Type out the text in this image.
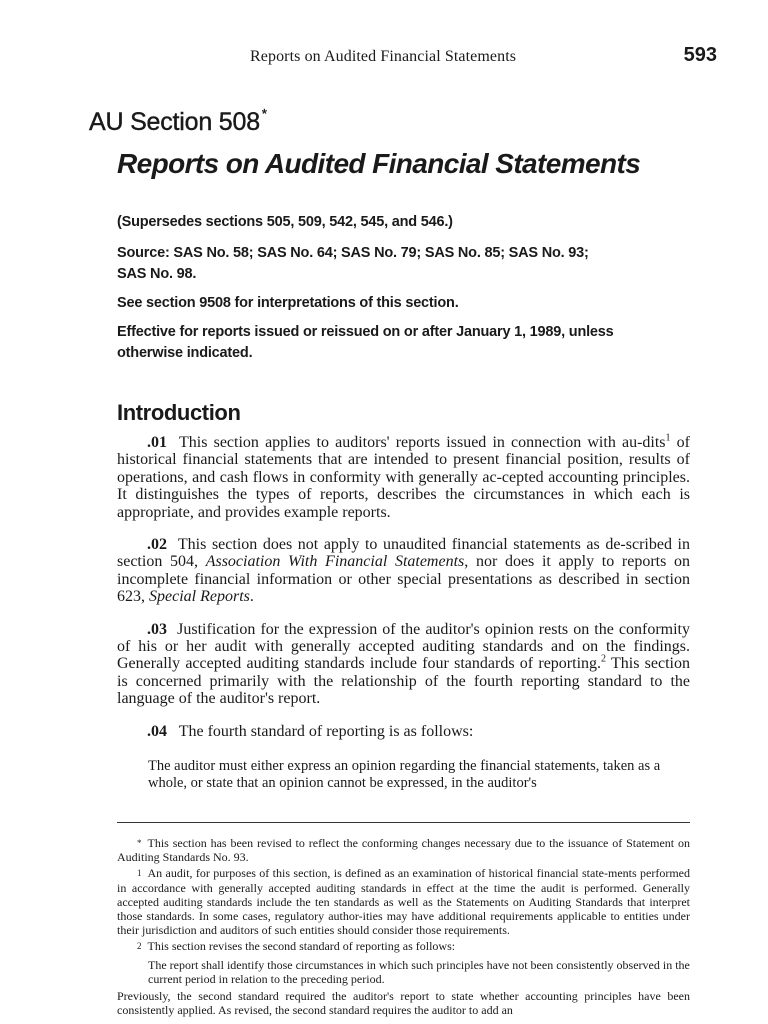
Reports on Audited Financial Statements	593
AU Section 508 *
Reports on Audited Financial Statements

(Supersedes sections 505, 509, 542, 545, and 546.)

Source: SAS No. 58; SAS No. 64; SAS No. 79; SAS No. 85; SAS No. 93;

SAS No. 98.

See section 9508 for interpretations of this section.

Effective for reports issued or reissued on or after January 1, 1989, unless

otherwise indicated.

Introduction

.01 This section applies to auditors' reports issued in connection with au-dits$^1$ of historical financial statements that are intended to present financial position, results of operations, and cash flows in conformity with generally ac-cepted accounting principles. It distinguishes the types of reports, describes the circumstances in which each is appropriate, and provides example reports.

.02 This section does not apply to unaudited financial statements as de-scribed in section 504, Association With Financial Statements, nor does it apply to reports on incomplete financial information or other special presentations as described in section 623, Special Reports.

.03 Justification for the expression of the auditor's opinion rests on the conformity of his or her audit with generally accepted auditing standards and on the findings. Generally accepted auditing standards include four standards of reporting.$^2$ This section is concerned primarily with the relationship of the fourth reporting standard to the language of the auditor's report.

.04 The fourth standard of reporting is as follows:

The auditor must either express an opinion regarding the financial statements, taken as a whole, or state that an opinion cannot be expressed, in the auditor's

* This section has been revised to reflect the conforming changes necessary due to the issuance of Statement on Auditing Standards No. 93.

$^1$ An audit, for purposes of this section, is defined as an examination of historical financial state-ments performed in accordance with generally accepted auditing standards in effect at the time the audit is performed. Generally accepted auditing standards include the ten standards as well as the Statements on Auditing Standards that interpret those standards. In some cases, regulatory author-ities may have additional requirements applicable to entities under their jurisdiction and auditors of such entities should consider those requirements.

$^2$ This section revises the second standard of reporting as follows:

The report shall identify those circumstances in which such principles have not been consistently observed in the current period in relation to the preceding period.

Previously, the second standard required the auditor's report to state whether accounting principles have been consistently applied. As revised, the second standard requires the auditor to add an
